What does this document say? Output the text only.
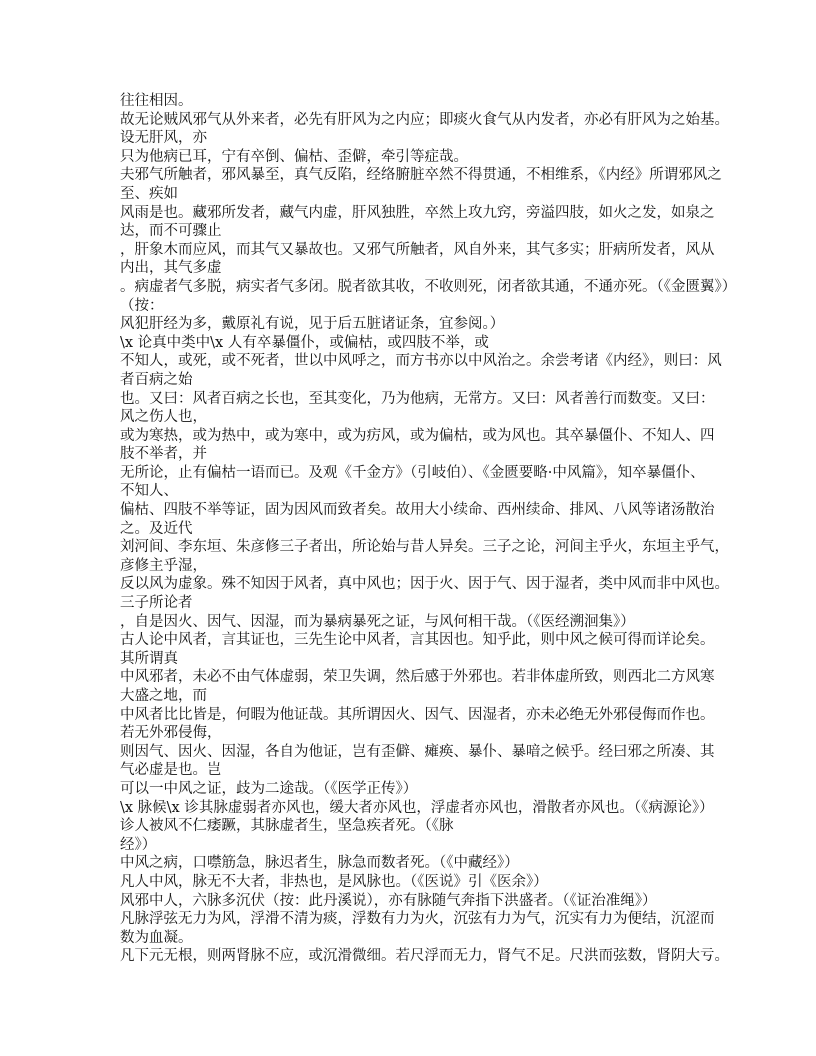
往往相因。
故无论贼风邪气从外来者，必先有肝风为之内应；即痰火食气从内发者，亦必有肝风为之始基。
设无肝风，亦
只为他病已耳，宁有卒倒、偏枯、歪僻，牵引等症哉。
夫邪气所触者，邪风暴至，真气反陷，经络腑脏卒然不得贯通，不相维系，《内经》所谓邪风之
至、疾如
风雨是也。藏邪所发者，藏气内虚，肝风独胜，卒然上攻九窍，旁溢四肢，如火之发，如泉之
达，而不可骤止
，肝象木而应风，而其气又暴故也。又邪气所触者，风自外来，其气多实；肝病所发者，风从
内出，其气多虚
。病虚者气多脱，病实者气多闭。脱者欲其收，不收则死，闭者欲其通，不通亦死。（《金匮翼》）
（按：
风犯肝经为多，戴原礼有说，见于后五脏诸证条，宜参阅。）
\x 论真中类中\x 人有卒暴僵仆，或偏枯，或四肢不举，或
不知人，或死，或不死者，世以中风呼之，而方书亦以中风治之。余尝考诸《内经》，则曰：风
者百病之始
也。又曰：风者百病之长也，至其变化，乃为他病，无常方。又曰：风者善行而数变。又曰：
风之伤人也，
或为寒热，或为热中，或为寒中，或为疠风，或为偏枯，或为风也。其卒暴僵仆、不知人、四
肢不举者，并
无所论，止有偏枯一语而已。及观《千金方》（引岐伯）、《金匮要略·中风篇》，知卒暴僵仆、
不知人、
偏枯、四肢不举等证，固为因风而致者矣。故用大小续命、西州续命、排风、八风等诸汤散治
之。及近代
刘河间、李东垣、朱彦修三子者出，所论始与昔人异矣。三子之论，河间主乎火，东垣主乎气，
彦修主乎湿，
反以风为虚象。殊不知因于风者，真中风也；因于火、因于气、因于湿者，类中风而非中风也。
三子所论者
，自是因火、因气、因湿，而为暴病暴死之证，与风何相干哉。（《医经溯洄集》）
古人论中风者，言其证也，三先生论中风者，言其因也。知乎此，则中风之候可得而详论矣。
其所谓真
中风邪者，未必不由气体虚弱，荣卫失调，然后感于外邪也。若非体虚所致，则西北二方风寒
大盛之地，而
中风者比比皆是，何暇为他证哉。其所谓因火、因气、因湿者，亦未必绝无外邪侵侮而作也。
若无外邪侵侮，
则因气、因火、因湿，各自为他证，岂有歪僻、瘫痪、暴仆、暴喑之候乎。经曰邪之所凑、其
气必虚是也。岂
可以一中风之证，歧为二途哉。（《医学正传》）
\x 脉候\x 诊其脉虚弱者亦风也，缓大者亦风也，浮虚者亦风也，滑散者亦风也。（《病源论》）
诊人被风不仁痿蹶，其脉虚者生，坚急疾者死。（《脉
经》）
中风之病，口噤筋急，脉迟者生，脉急而数者死。（《中藏经》）
凡人中风，脉无不大者，非热也，是风脉也。（《医说》引《医余》）
风邪中人，六脉多沉伏（按：此丹溪说），亦有脉随气奔指下洪盛者。（《证治准绳》）
凡脉浮弦无力为风，浮滑不清为痰，浮数有力为火，沉弦有力为气，沉实有力为便结，沉涩而
数为血凝。
凡下元无根，则两肾脉不应，或沉滑微细。若尺浮而无力，肾气不足。尺洪而弦数，肾阴大亏。
